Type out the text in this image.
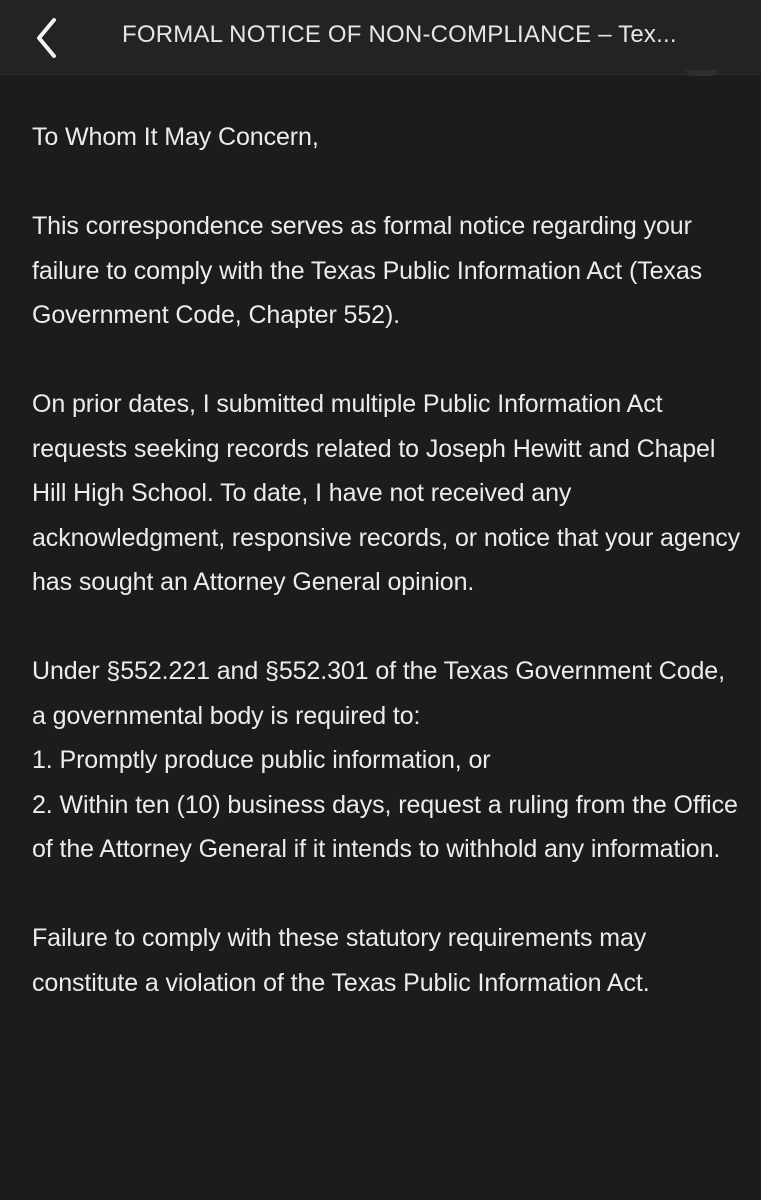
FORMAL NOTICE OF NON-COMPLIANCE – Tex...

To Whom It May Concern,

This correspondence serves as formal notice regarding your failure to comply with the Texas Public Information Act (Texas Government Code, Chapter 552).

On prior dates, I submitted multiple Public Information Act requests seeking records related to Joseph Hewitt and Chapel Hill High School. To date, I have not received any acknowledgment, responsive records, or notice that your agency has sought an Attorney General opinion.

Under §552.221 and §552.301 of the Texas Government Code, a governmental body is required to:
1. Promptly produce public information, or
2. Within ten (10) business days, request a ruling from the Office of the Attorney General if it intends to withhold any information.

Failure to comply with these statutory requirements may constitute a violation of the Texas Public Information Act.
